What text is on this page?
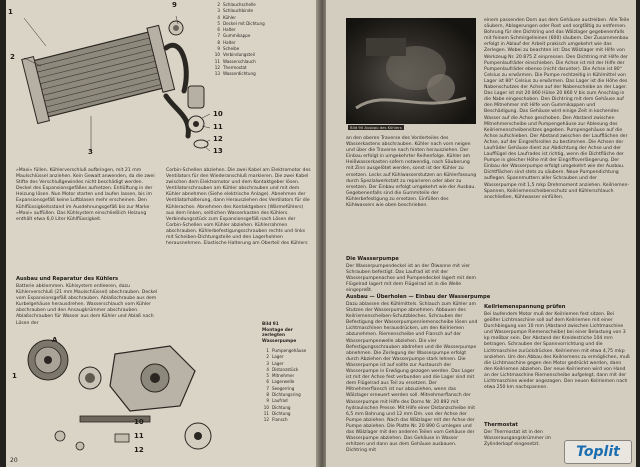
1
2
3
9
10
11
12
13
2 Schlauchschelle
3 Schlauchbinde
4 Kühler
5 Deckel mit Dichtung
6 Halter
7 Gummikappe
8 Halter
9 Scheibe
10 Verbindungsteil
11 Wasserschlauch
12 Thermostat
13 Wasserdichtung
»Maxi« füllen. Kühlerverschluß aufbringen, mit 21 mm Maulschlüssel anziehen. Kein Gewalt anwenden, da die zwei Stifte des Verschlußgewindes nicht beschädigt werden. Deckel des Expansionsgefäßes aufsetzen. Entlüftung in der Heizung lösen. Nun Motor starten und laufen lassen, bis im Expansionsgefäß keine Luftblasen mehr erscheinen. Den Kühlflüssigkeitsstand im Ausdehnungsgefäß bis zur Marke »Maxi« auffüllen. Das Kühlsystem einschließlich Heizung enthält etwa 6,0 Liter Kühlflüssigkeit.
Ausbau und Reparatur des Kühlers
Batterie abklemmen. Kühlsystem entleeren, dazu Kühlerverschluß (21 mm Maulschlüssel) abschrauben. Deckel vom Expansionsgefäß abschrauben. Ablaßschraube aus dem Kurbelgehäuse herausdrehen. Wasserschlauch vom Kühler abschrauben und den Ansaugkrümmer abschrauben. Ablaßschrauben für Wasser aus dem Kühler und Ablaß nach Lösen der
Corbin-Schellen abziehen. Die zwei Kabel am Elektromotor des Ventilators für den Wiederanschluß markieren. Die zwei Kabel zwischen dem Elektromotor und dem Kontaktgeber lösen. Ventilatorschrauben am Kühler abschrauben und mit dem Kühler abnehmen (Siehe elektrische Anlage). Abnehmen der Ventilatorhalterung, dann Herausziehen des Ventilators für die Kühlerachse. Abnehmen des Kontaktgebers (Wärmefühlers) aus dem linken, seitlichen Wasserkasten des Kühlers. Verbindungsstück zum Expansionsgefäß nach Lösen der Corbin-Schellen vom Kühler abziehen. Kühlerrahmen abschrauben. Kühlerbefestigungsschrauben rechts und links mit Scheiben-Dichtungsteile und den Lagerholmen herausnehmen. Elastische Halterung am Oberteil des Kühlers
A
1
10
11
12
Bild 91
Montage der zerlegten Wasserpumpe
1 Pumpengehäuse
2 Lager
3 Lager
4 Distanzstück
5 Mitnehmer
6 Lagerwelle
7 Seegerring
8 Dichtungsring
9 Laufrad
10 Dichtung
11 Dichtung
12 Flansch
20
Bild 90 Ausbau des Kühlers
an den oberen Traverse des Vorderteiles des Wasserkastens abschrauben. Kühler nach vorn neigen und über die Traverse nach hinten herausziehen. Der Einbau erfolgt in umgekehrter Reihenfolge. Kühler am Heißwasserkasten sofern notwendig, nach Säuberung mit Zinn ausgelötet werden, sonst ist der Kühler zu ersetzen. Lecks auf Kühlwasserstutzen an Kühlerfassung durch Spezialwerkstatt zu reparieren oder aber zu ersetzen. Der Einbau erfolgt umgekehrt wie der Ausbau. Gegebenenfalls sind die Gummiteile der Kühlerbefestigung zu ersetzen. Einfüllen des Kühlwassers wie oben beschrieben.
Die Wasserpumpe
Der Wasserpumpendeckel ist an der Ölwanne mit vier Schrauben befestigt. Das Laufrad ist mit der Wasserpumpenachse und Pumpendeckel lagert mit dem Flügelrad lagert mit dem Flügelrad ist in die Welle eingepreßt.
Ausbau — Überholen — Einbau der Wasserpumpe
Dazu ablassen des Kühlmittels. Schlauch zum Kühler am Stutzen der Wasserpumpe abnehmen. Abbauen des Keilriemenscheiben-Schutzbleches. Schrauben der Befestigung der Wasserpumpenriemenscheibe lösen und Lichtmaschinen herausdrücken, um den Keilriemen abzunehmen. Riemenscheibe und Flansch auf der Wasserpumpenwelle abziehen. Die vier Befestigungsschrauben abdrehen und die Wasserpumpe abnehmen. Die Zerlegung der Wasserpumpe erfolgt durch Abziehen der Wasserpumpe stark lehnen. Die Wasserpumpe ist auf sollte zur Austausch der Wasserpumpe in Erwägung gezogen werden. Das Lager ist mit der Achse fest verbunden und die Lager sind mit dem Flügelrad aus Teil zu ersetzen. Der Mitnehmerflansch ist nur abzuziehen, wenn das Wälzlager erneuert werden soll. Mitnehmerflansch der Wasserpumpe mit Hilfe des Dorns Nr. 20 892 mit hydraulischen Presse. Mit Hilfe einer Distanzscheibe mit 6,5 mm Bohrung und 12 mm Dm. von der Achse der Pumpe abziehen. Nach das Wälzlager mit der Achse der Pumpe abziehen. Die Platte Nr. 20 890 G umlegen und das Wälzlager mit den anderen Teilen vom Gehäuse der Wasserpumpe abziehen. Das Gehäuse in Wasser erhitzen und dann aus dem Gehäuse ausbauen. Dichtring mit
einem passenden Dorn aus dem Gehäuse austreiben. Alle Teile säubern, Ablagerungen oder Rost und sorgfältig zu entfernen. Bohrung für den Dichtring und das Wälzlager gegebenenfalls mit feinem Schmirgelleinen (600) säubern. Der Zusammenbau erfolgt in Ablauf der Arbeit prakisch umgekehrt wie das Zerlegen. Wobei zu beachten ist: Das Wälzlager mit Hilfe von Werkzeug Nr. 20 875 Z einpressen. Den Dichtring mit Hilfe der Pumpenlaufräder einschieben. Die Achse ist mit der Hilfe der Pumpenlaufräder ebenso (nicht darunter). Die Achse ist 80° Celsius zu erwärmen. Die Pumpe rechtzeitig in Kühlmittel von Lager ist 80° Celsius zu erwärmen. Das Lager ist die Höhe des Nabenschutzes der Achse auf der Nabenscheibe an der Lager. Das Lager ist mit 20 860 Hülse 20 860 V bis zum Anschlag in die Nabe eingeschoben. Den Dichtring mit dem Gehäuse auf den Mitnehmer mit Hilfe von Gummikappen und Beschädigung. Das Gehäuse wird einige Zeit in kochendes Wasser auf die Achse geschoben. Den Abstand zwischen Mitnehmerscheibe und Pumpengehäuse zur Ablesung des Keilriemenscheibensitzes gegeben. Pumpengehäuse auf die Achse aufschieben. Der Abstand zwischen der Laufflächen der Achse, auf der Eingreifsrollen zu bestimmen. Die Achsen der Laufräder Gehäuse dient zur Abdichtung der Achse und der Laufflügel des Laufrades ist richtig, wenn die Dichtfläche der Pumpe in gleicher Höhe mit der Eingriffsverlängerung. Der Einbau der Wasserpumpe erfolgt umgekehrt wie der Ausbau. Dichtflächen sind stets zu säubern. Neue Pumpendichtung auflegen. Spannmuttern aller Schrauben und der Wasserpumpe mit 1,5 mkp Drehmoment anziehen. Keilriemen-Spannen, Keilriemenscheibenschutz und Kühlerschlauch anschließen, Kühlwasser einfüllen.
Keilriemenspannung prüfen
Bei laufendem Motor muß der Keilriemen fest sitzen. Bei geölter Lichtmaschine soll auf dem Keilriemen mit einer Durchbiegung von 10 mm (Abstand zwischen Lichtmaschine und Wasserpumpe Riemenscheibe) bei einer Belastung von 3 kp meßbar sein. Der Abstand der Kreidestriche 104 mm betragen. Schrauben der Spannvorrichtung und die Lichtmaschine zurückdrücken. Keilriemen mit etwa 4,75 mkp anziehen. Um den Abbau des Keilriemens zu ermöglichen, muß die Lichtmaschine gegen den Motor gedrückt werden, dann den Keilriemen abziehen. Der neue Keilriemen wird von Hand an der Lichtmaschine Riemenscheibe aufgelegt, dann mit der Lichtmaschine wieder angezogen. Den neuen Keilriemen nach etwa 250 km nachspannen.
Thermostat
Der Thermostat ist in den Wasserausgangskrümmer im Zylinderkopf eingesetzt.	Toplit
